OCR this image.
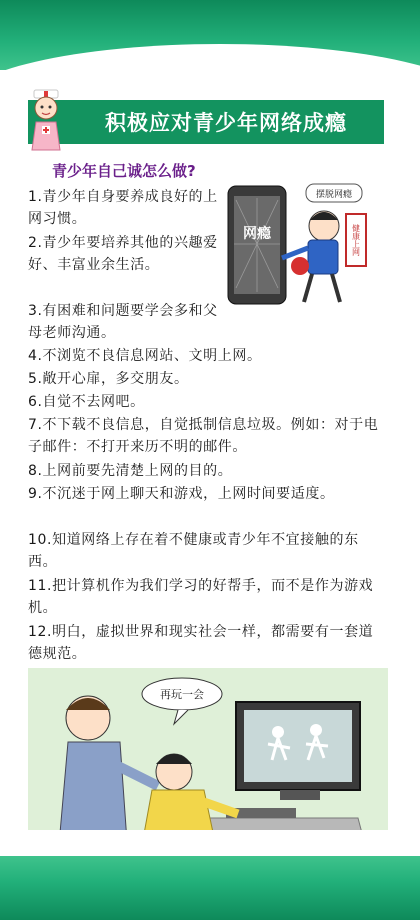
积极应对青少年网络成瘾
青少年自己诚怎么做?
1.青少年自身要养成良好的上网习惯。
2.青少年要培养其他的兴趣爱好、丰富业余生活。
3.有困难和问题要学会多和父母老师沟通。
4.不浏览不良信息网站、文明上网。
5.敞开心扉，多交朋友。
6.自觉不去网吧。
7.不下载不良信息，自觉抵制信息垃圾。例如：对于电子邮件：不打开来历不明的邮件。
8.上网前要先清楚上网的目的。
9.不沉迷于网上聊天和游戏，上网时间要适度。
10.知道网络上存在着不健康或青少年不宜接触的东西。
11.把计算机作为我们学习的好帮手，而不是作为游戏机。
12.明白，虚拟世界和现实社会一样，都需要有一套道德规范。
网瘾	健康上网
摆脱网瘾
再玩一会
